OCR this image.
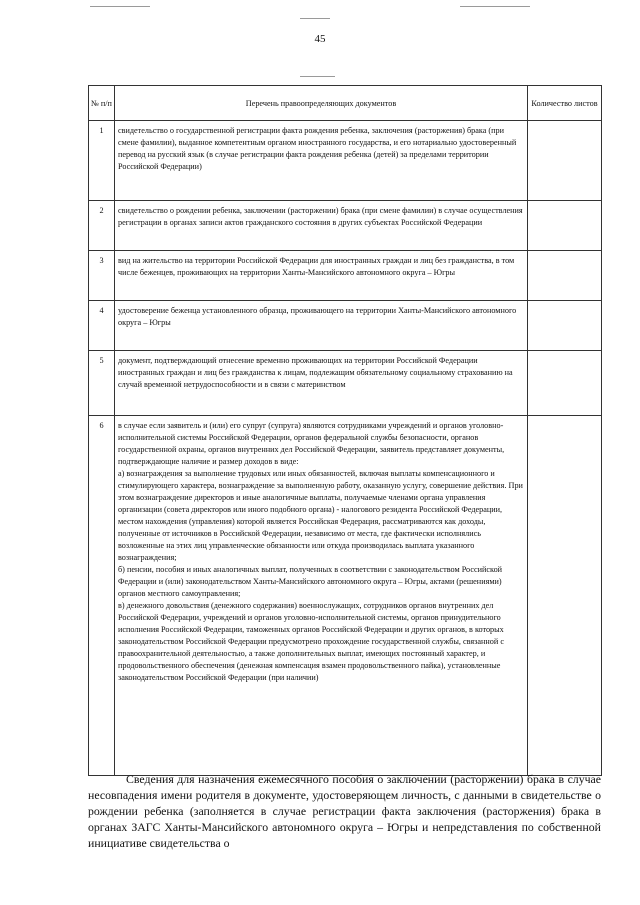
45
№ п/п	Перечень правоопределяющих документов	Количество листов
1	свидетельство о государственной регистрации факта рождения ребенка, заключения (расторжения) брака (при смене фамилии), выданное компетентным органом иностранного государства, и его нотариально удостоверенный перевод на русский язык (в случае регистрации факта рождения ребенка (детей) за пределами территории Российской Федерации)	
2	свидетельство о рождении ребенка, заключении (расторжении) брака (при смене фамилии) в случае осуществления регистрации в органах записи актов гражданского состояния в других субъектах Российской Федерации	
3	вид на жительство на территории Российской Федерации для иностранных граждан и лиц без гражданства, в том числе беженцев, проживающих на территории Ханты-Мансийского автономного округа – Югры	
4	удостоверение беженца установленного образца, проживающего на территории Ханты-Мансийского автономного округа – Югры	
5	документ, подтверждающий отнесение временно проживающих на территории Российской Федерации иностранных граждан и лиц без гражданства к лицам, подлежащим обязательному социальному страхованию на случай временной нетрудоспособности и в связи с материнством	
6	в случае если заявитель и (или) его супруг (супруга) являются сотрудниками учреждений и органов уголовно-исполнительной системы Российской Федерации, органов федеральной службы безопасности, органов государственной охраны, органов внутренних дел Российской Федерации, заявитель представляет документы, подтверждающие наличие и размер доходов в виде:

а) вознаграждения за выполнение трудовых или иных обязанностей, включая выплаты компенсационного и стимулирующего характера, вознаграждение за выполненную работу, оказанную услугу, совершение действия. При этом вознаграждение директоров и иные аналогичные выплаты, получаемые членами органа управления организации (совета директоров или иного подобного органа) - налогового резидента Российской Федерации, местом нахождения (управления) которой является Российская Федерация, рассматриваются как доходы, полученные от источников в Российской Федерации, независимо от места, где фактически исполнялись возложенные на этих лиц управленческие обязанности или откуда производилась выплата указанного вознаграждения;

б) пенсии, пособия и иных аналогичных выплат, полученных в соответствии с законодательством Российской Федерации и (или) законодательством Ханты-Мансийского автономного округа – Югры, актами (решениями) органов местного самоуправления;

в) денежного довольствия (денежного содержания) военнослужащих, сотрудников органов внутренних дел Российской Федерации, учреждений и органов уголовно-исполнительной системы, органов принудительного исполнения Российской Федерации, таможенных органов Российской Федерации и других органов, в которых законодательством Российской Федерации предусмотрено прохождение государственной службы, связанной с правоохранительной деятельностью, а также дополнительных выплат, имеющих постоянный характер, и продовольственного обеспечения (денежная компенсация взамен продовольственного пайка), установленные законодательством Российской Федерации (при наличии)	

Сведения для назначения ежемесячного пособия о заключении (расторжении) брака в случае несовпадения имени родителя в документе, удостоверяющем личность, с данными в свидетельстве о рождении ребенка (заполняется в случае регистрации факта заключения (расторжения) брака в органах ЗАГС Ханты-Мансийского автономного округа – Югры и непредставления по собственной инициативе свидетельства о
